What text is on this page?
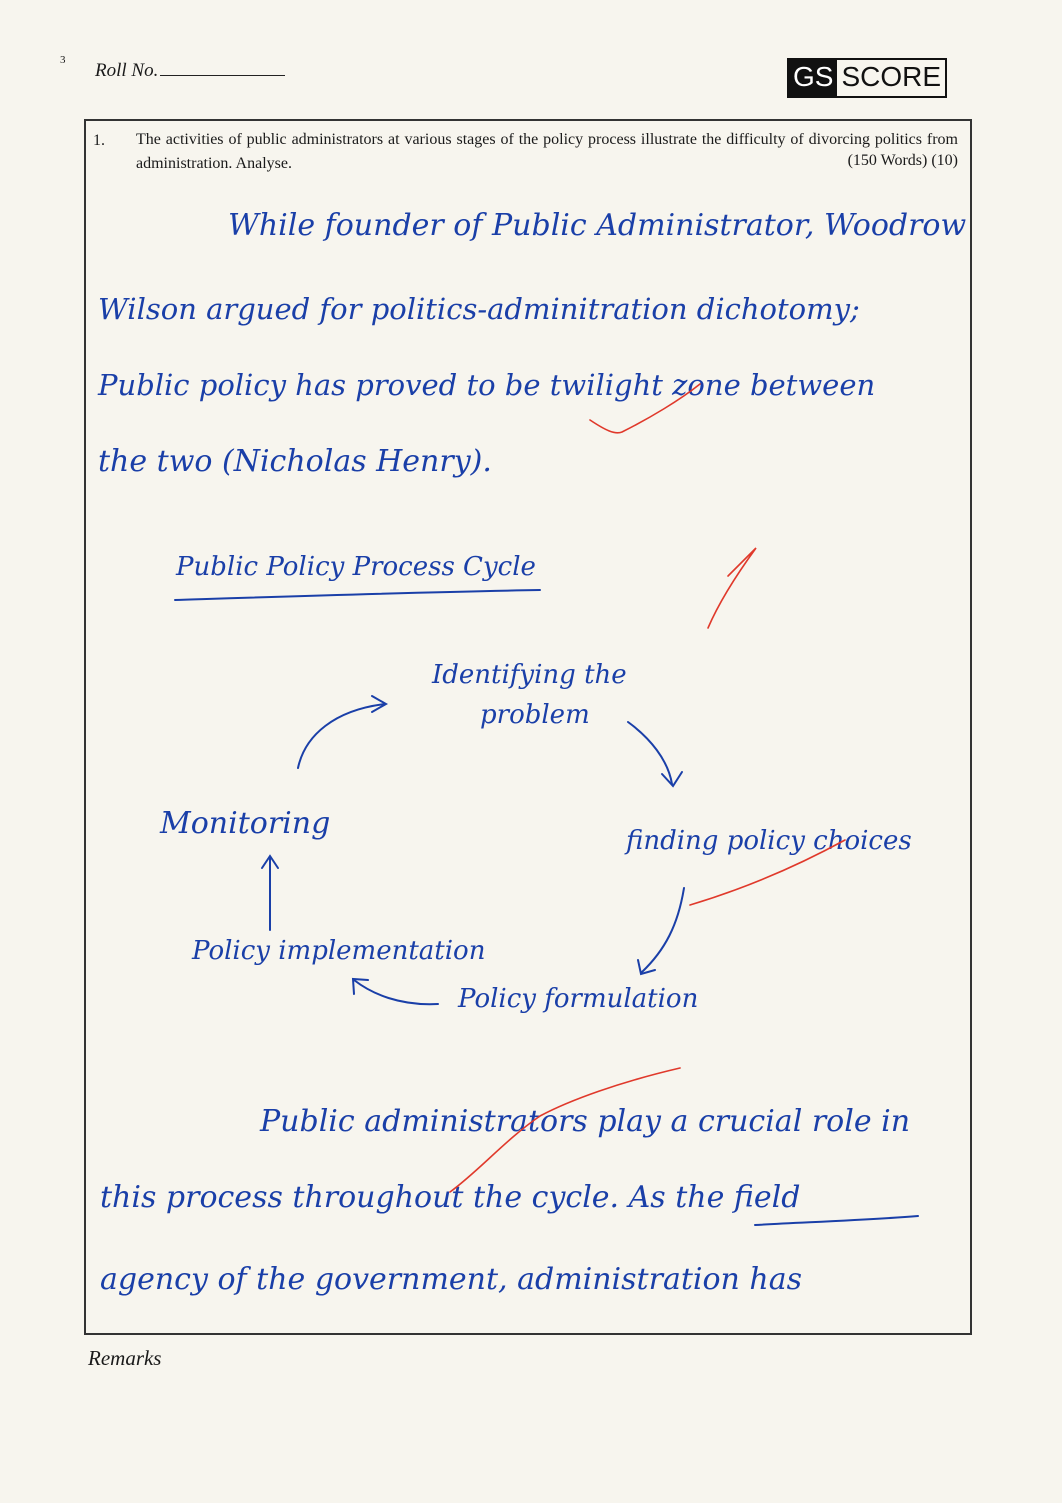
3 Roll No.	GS SCORE
1. The activities of public administrators at various stages of the policy process illustrate the difficulty of divorcing politics from administration. Analyse.	(150 Words) (10)
While founder of Public Administrator, Woodrow
Wilson argued for politics-adminitration dichotomy;
Public policy has proved to be twilight zone between
the two (Nicholas Henry).
Public Policy Process Cycle
Identifying the
problem
finding policy choices
Policy formulation
Policy implementation
Monitoring
Public administrators play a crucial role in
this process throughout the cycle. As the field
agency of the government, administration has
Remarks
